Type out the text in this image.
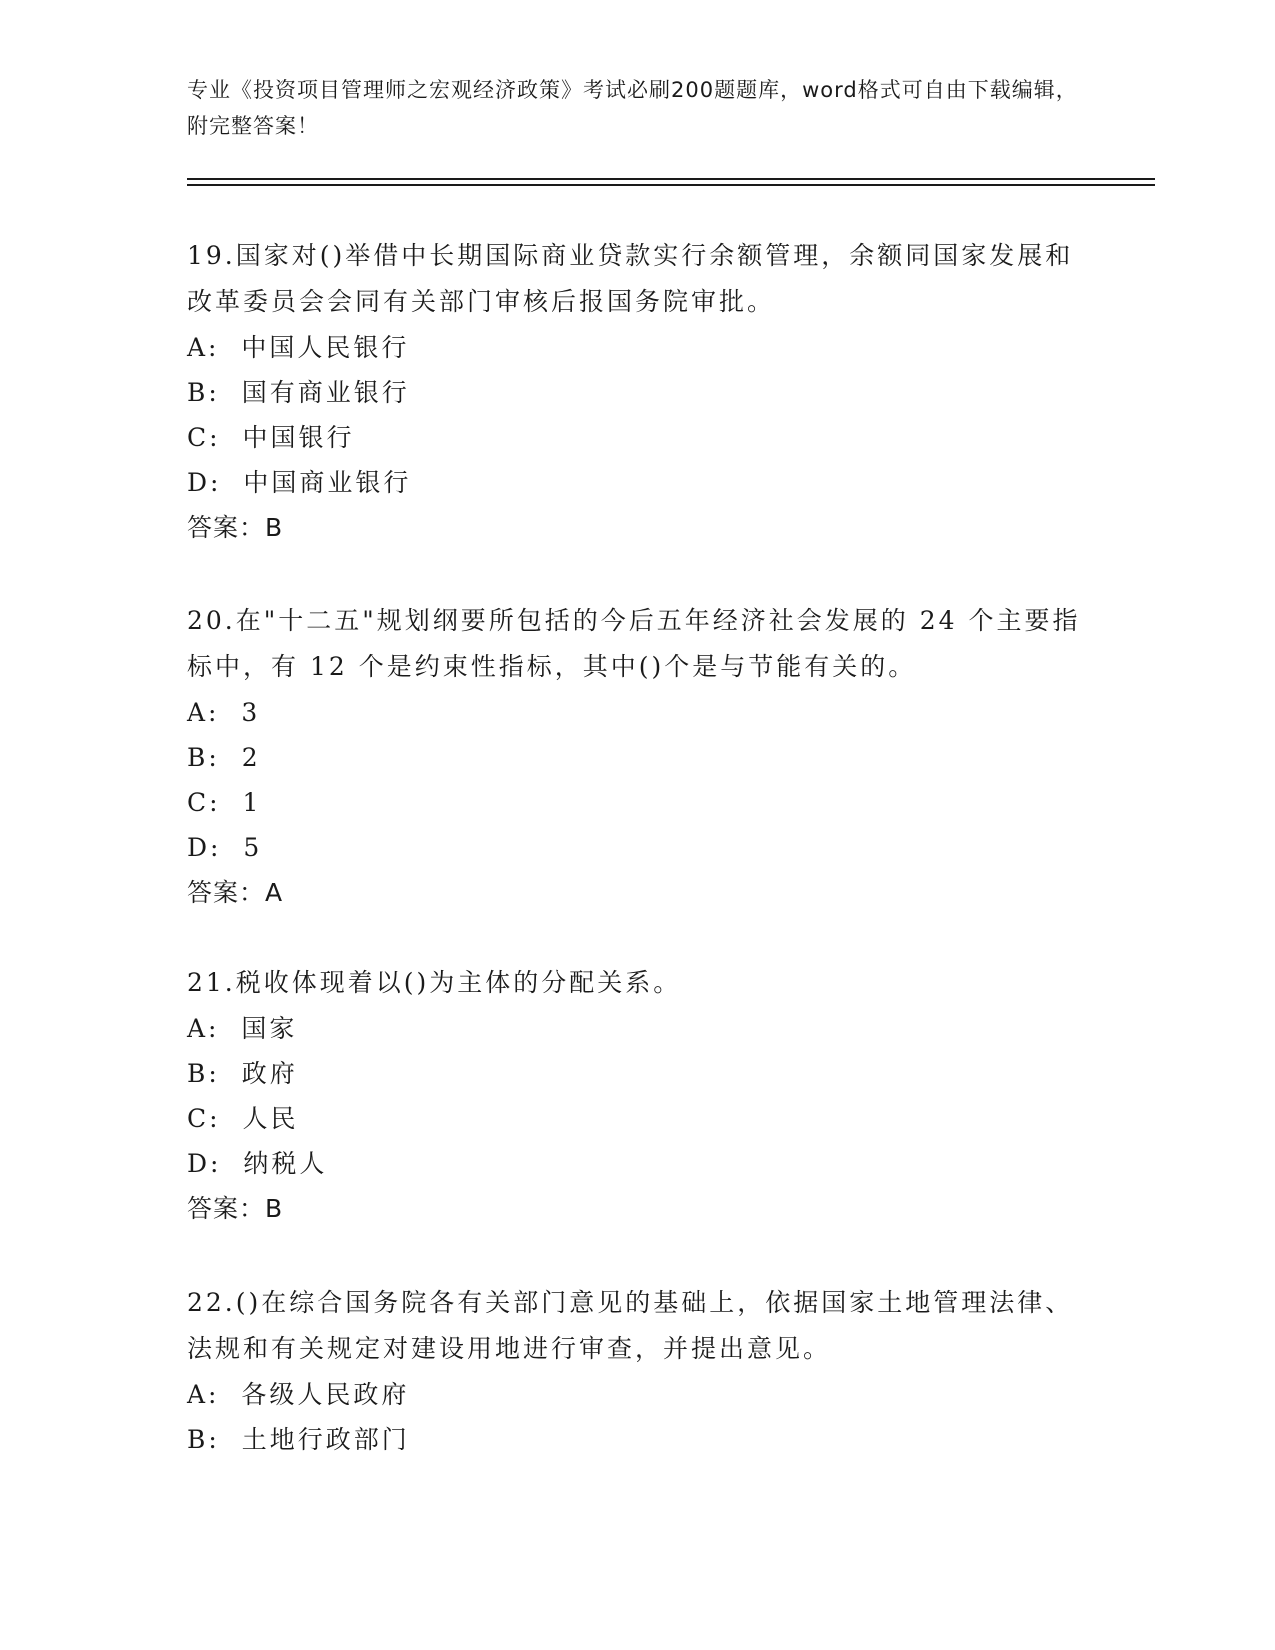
专业《投资项目管理师之宏观经济政策》考试必刷200题题库，word格式可自由下载编辑，附完整答案！

19.国家对()举借中长期国际商业贷款实行余额管理，余额同国家发展和改革委员会会同有关部门审核后报国务院审批。

A:  中国人民银行

B:  国有商业银行

C:  中国银行

D:  中国商业银行

答案：B

20.在"十二五"规划纲要所包括的今后五年经济社会发展的 24 个主要指标中，有 12 个是约束性指标，其中()个是与节能有关的。

A:  3

B:  2

C:  1

D:  5

答案：A

21.税收体现着以()为主体的分配关系。

A:  国家

B:  政府

C:  人民

D:  纳税人

答案：B

22.()在综合国务院各有关部门意见的基础上，依据国家土地管理法律、法规和有关规定对建设用地进行审查，并提出意见。

A:  各级人民政府

B:  土地行政部门
